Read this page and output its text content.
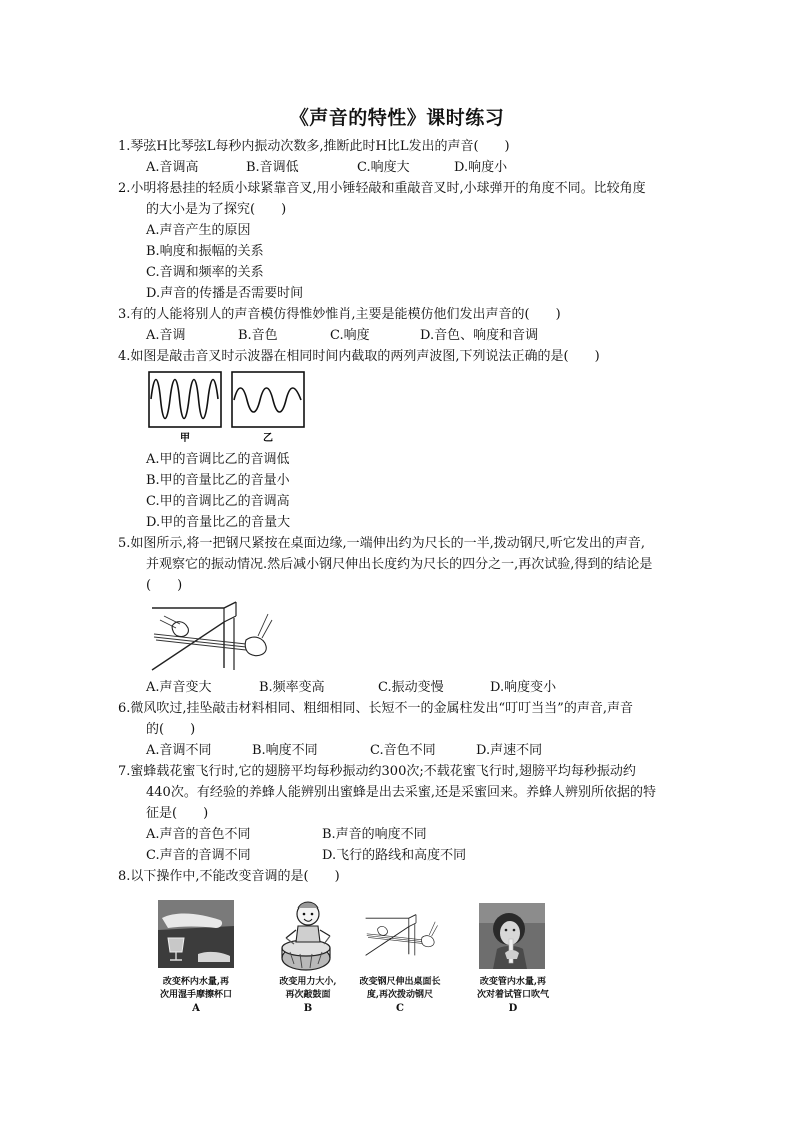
《声音的特性》课时练习
1.琴弦H比琴弦L每秒内振动次数多,推断此时H比L发出的声音(　　)
A.音调高	B.音调低	C.响度大	D.响度小
2.小明将悬挂的轻质小球紧靠音叉,用小锤轻敲和重敲音叉时,小球弹开的角度不同。比较角度
的大小是为了探究(　　)
A.声音产生的原因
B.响度和振幅的关系
C.音调和频率的关系
D.声音的传播是否需要时间
3.有的人能将别人的声音模仿得惟妙惟肖,主要是能模仿他们发出声音的(　　)
A.音调	B.音色	C.响度	D.音色、响度和音调
4.如图是敲击音叉时示波器在相同时间内截取的两列声波图,下列说法正确的是(　　)
甲	乙
A.甲的音调比乙的音调低
B.甲的音量比乙的音量小
C.甲的音调比乙的音调高
D.甲的音量比乙的音量大
5.如图所示,将一把钢尺紧按在桌面边缘,一端伸出约为尺长的一半,拨动钢尺,听它发出的声音,
并观察它的振动情况.然后减小钢尺伸出长度约为尺长的四分之一,再次试验,得到的结论是
(　　)
A.声音变大	B.频率变高	C.振动变慢	D.响度变小
6.微风吹过,挂坠敲击材料相同、粗细相同、长短不一的金属柱发出“叮叮当当”的声音,声音
的(　　)
A.音调不同	B.响度不同	C.音色不同	D.声速不同
7.蜜蜂载花蜜飞行时,它的翅膀平均每秒振动约300次;不载花蜜飞行时,翅膀平均每秒振动约
440次。有经验的养蜂人能辨别出蜜蜂是出去采蜜,还是采蜜回来。养蜂人辨别所依据的特
征是(　　)
A.声音的音色不同	B.声音的响度不同
C.声音的音调不同	D.飞行的路线和高度不同
8.以下操作中,不能改变音调的是(　　)
改变杯内水量,再
次用湿手摩擦杯口
A
改变用力大小,
再次敲鼓面
B
改变钢尺伸出桌面长
度,再次拨动钢尺
C
改变管内水量,再
次对着试管口吹气
D
